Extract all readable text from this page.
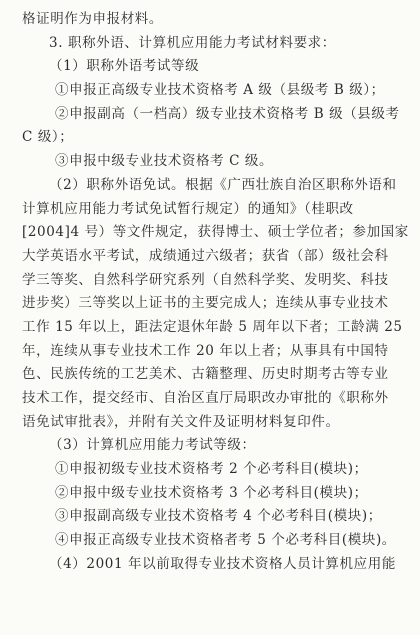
格证明作为申报材料。
3. 职称外语、计算机应用能力考试材料要求：
（1）职称外语考试等级
①申报正高级专业技术资格考 A 级（县级考 B 级）；
②申报副高（一档高）级专业技术资格考 B 级（县级考
C 级）；
③申报中级专业技术资格考 C 级。
（2）职称外语免试。根据《广西壮族自治区职称外语和
计算机应用能力考试免试暂行规定）的通知》（桂职改
[2004]4 号）等文件规定，获得博士、硕士学位者；参加国家
大学英语水平考试，成绩通过六级者；获省（部）级社会科
学三等奖、自然科学研究系列（自然科学奖、发明奖、科技
进步奖）三等奖以上证书的主要完成人；连续从事专业技术
工作 15 年以上，距法定退休年龄 5 周年以下者；工龄满 25
年，连续从事专业技术工作 20 年以上者；从事具有中国特
色、民族传统的工艺美术、古籍整理、历史时期考古等专业
技术工作，提交经市、自治区直厅局职改办审批的《职称外
语免试审批表》，并附有关文件及证明材料复印件。
（3）计算机应用能力考试等级：
①申报初级专业技术资格考 2 个必考科目(模块)；
②申报中级专业技术资格考 3 个必考科目(模块)；
③申报副高级专业技术资格考 4 个必考科目(模块)；
④申报正高级专业技术资格者考 5 个必考科目(模块)。
（4）2001 年以前取得专业技术资格人员计算机应用能
